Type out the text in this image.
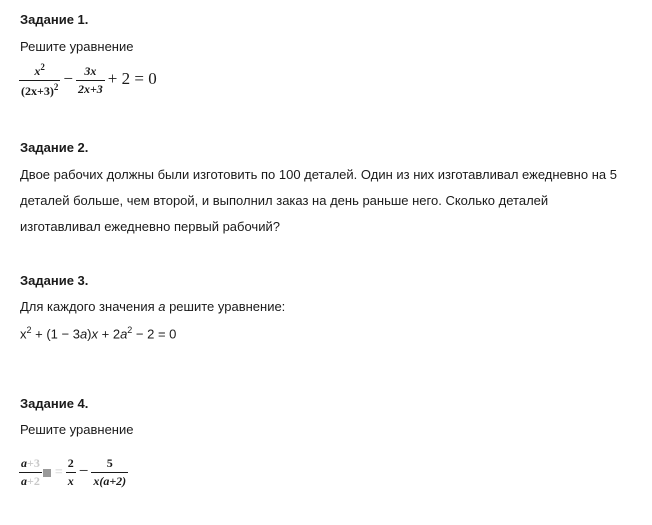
Задание 1.
Решите уравнение
$\frac{x^2}{(2x+3)^2} - \frac{3x}{2x+3} + 2 = 0$
Задание 2.
Двое рабочих должны были изготовить по 100 деталей. Один из них изготавливал ежедневно на 5
деталей больше, чем второй, и выполнил заказ на день раньше него. Сколько деталей
изготавливал ежедневно первый рабочий?
Задание 3.
Для каждого значения a решите уравнение:
$x^2 + (1 - 3a)x + 2a^2 - 2 = 0$
Задание 4.
Решите уравнение
$\frac{a+3}{a+2} = \frac{2}{x} - \frac{5}{x(a+2)}$
